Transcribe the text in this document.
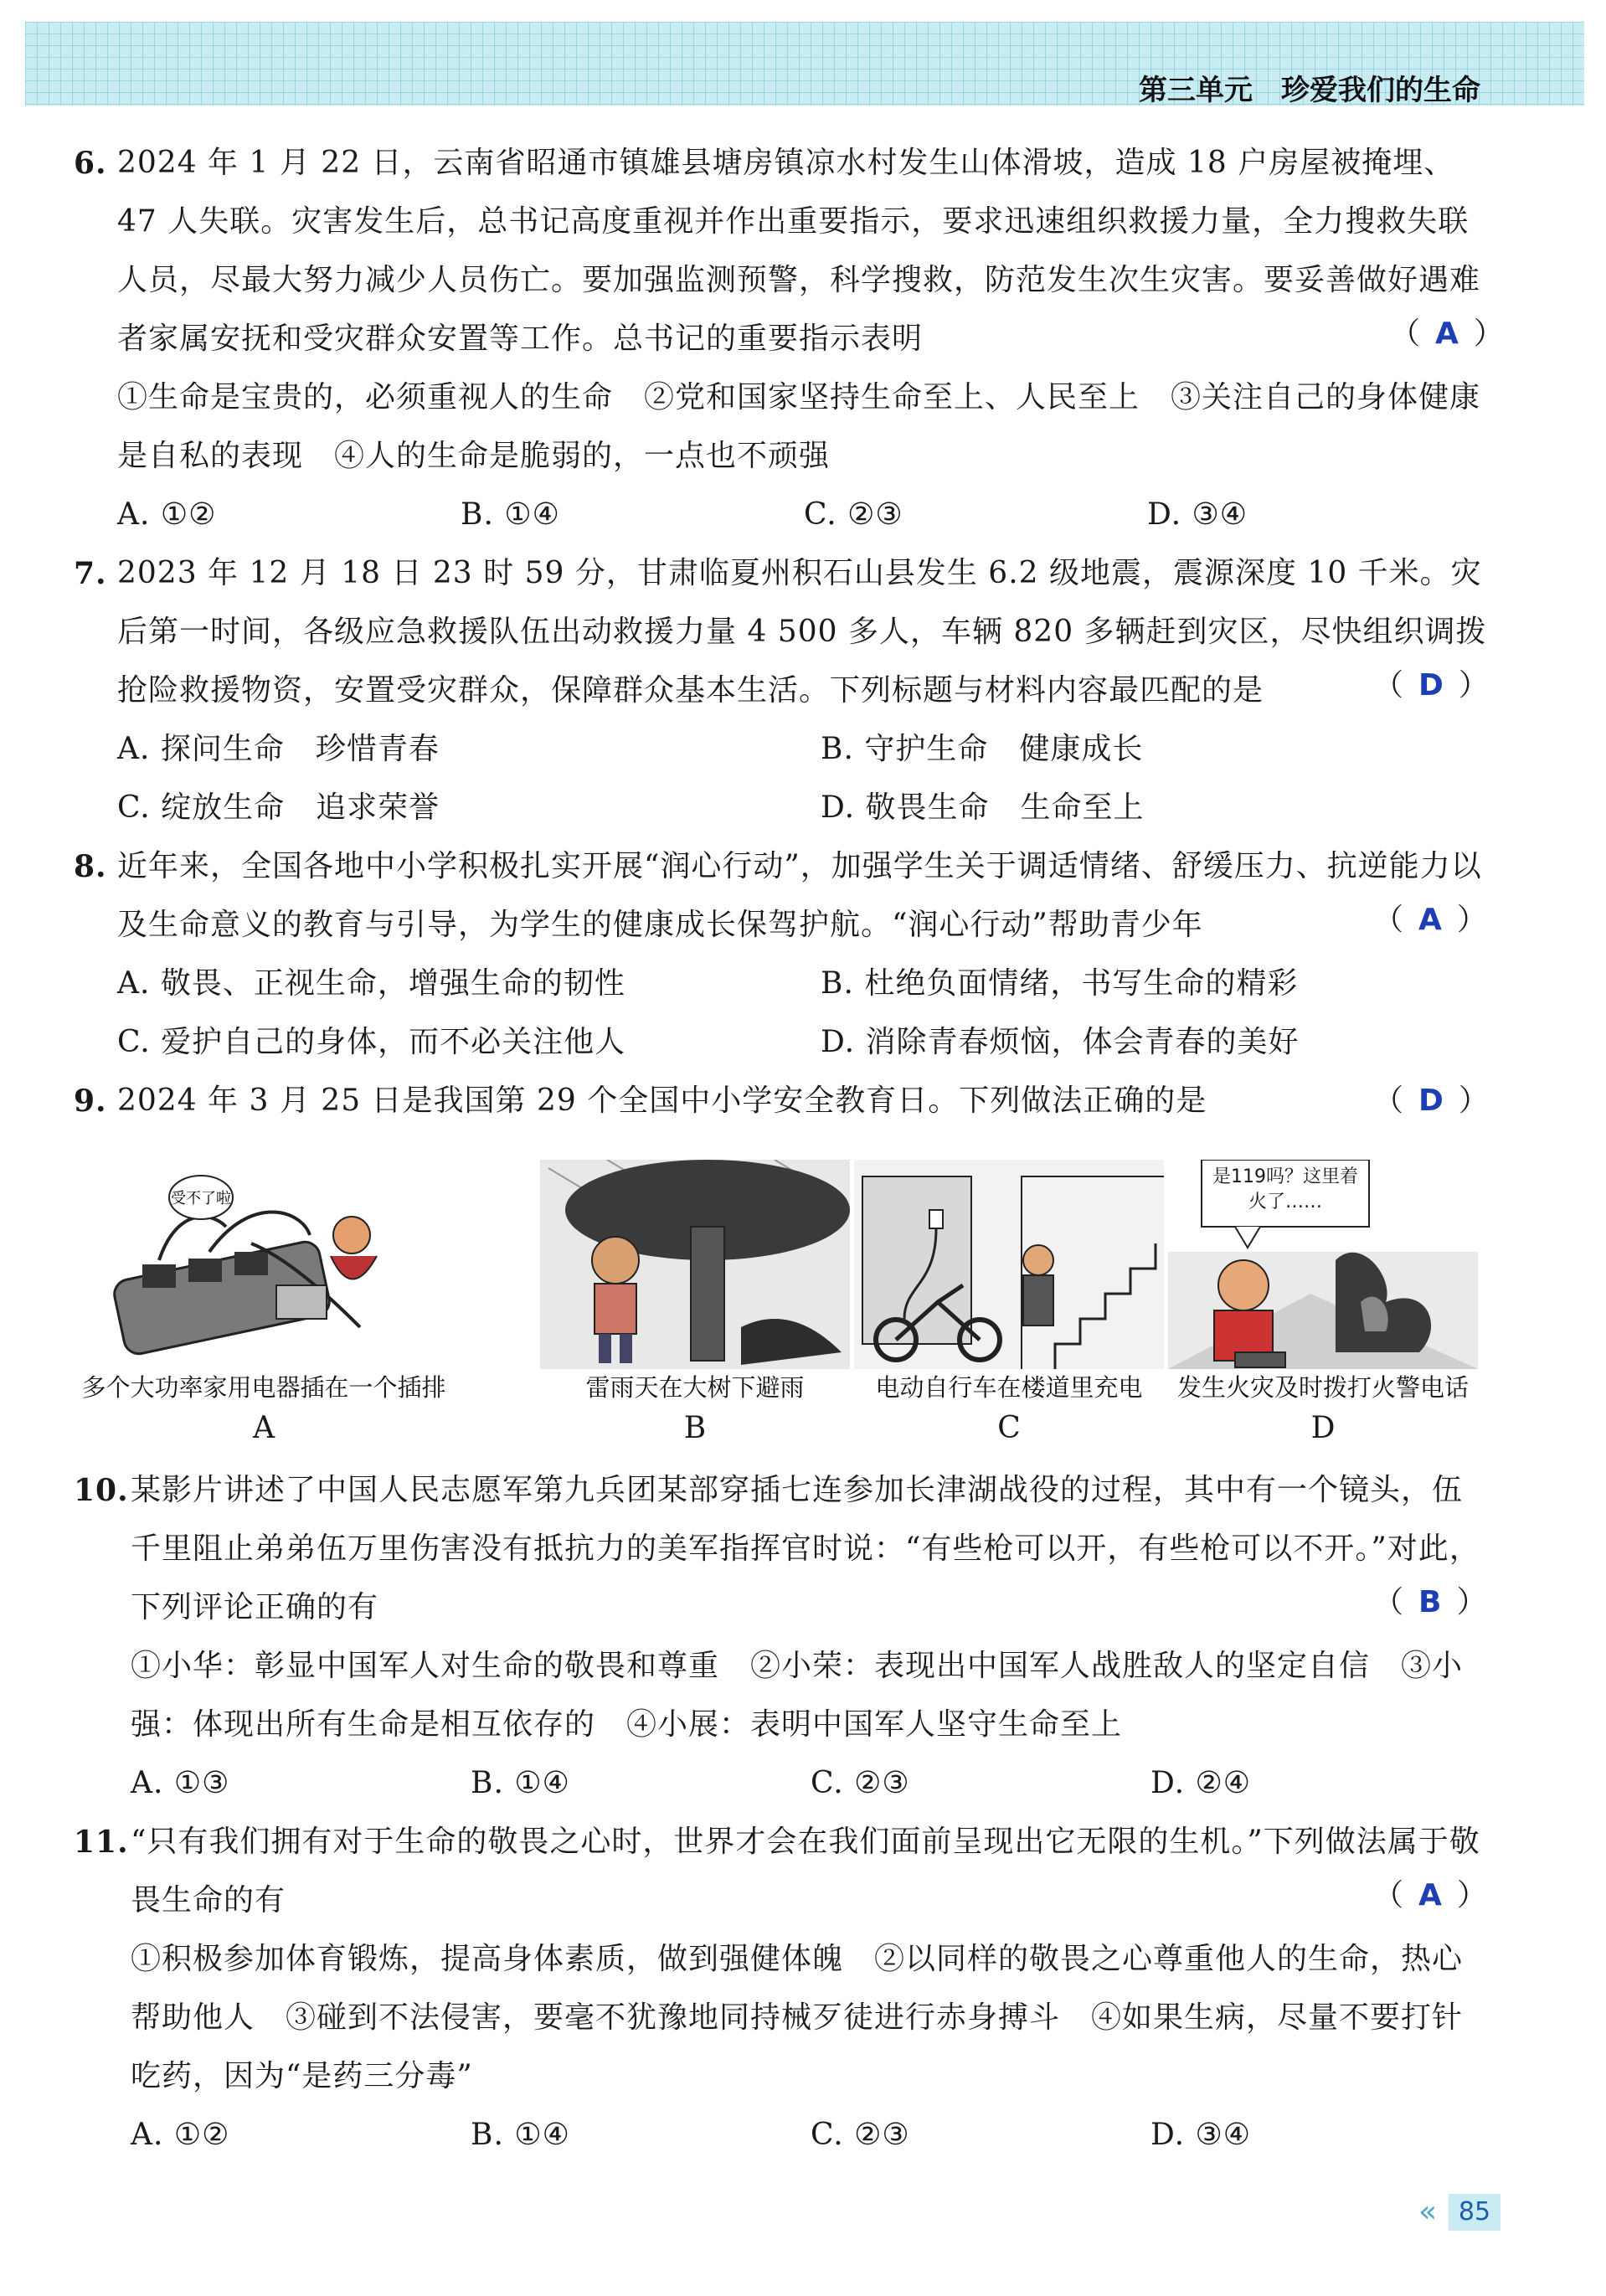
第三单元　珍爱我们的生命
6. 2024 年 1 月 22 日，云南省昭通市镇雄县塘房镇凉水村发生山体滑坡，造成 18 户房屋被掩埋、47 人失联。灾害发生后，总书记高度重视并作出重要指示，要求迅速组织救援力量，全力搜救失联人员，尽最大努力减少人员伤亡。要加强监测预警，科学搜救，防范发生次生灾害。要妥善做好遇难者家属安抚和受灾群众安置等工作。总书记的重要指示表明
①生命是宝贵的，必须重视人的生命　②党和国家坚持生命至上、人民至上　③关注自己的身体健康是自私的表现　④人的生命是脆弱的，一点也不顽强
A. ①②	B. ①④	C. ②③	D. ③④
（ A ）
7. 2023 年 12 月 18 日 23 时 59 分，甘肃临夏州积石山县发生 6.2 级地震，震源深度 10 千米。灾后第一时间，各级应急救援队伍出动救援力量 4 500 多人，车辆 820 多辆赶到灾区，尽快组织调拨抢险救援物资，安置受灾群众，保障群众基本生活。下列标题与材料内容最匹配的是
A. 探问生命　珍惜青春	B. 守护生命　健康成长
C. 绽放生命　追求荣誉	D. 敬畏生命　生命至上
（ D ）
8. 近年来，全国各地中小学积极扎实开展“润心行动”，加强学生关于调适情绪、舒缓压力、抗逆能力以及生命意义的教育与引导，为学生的健康成长保驾护航。“润心行动”帮助青少年
A. 敬畏、正视生命，增强生命的韧性	B. 杜绝负面情绪，书写生命的精彩
C. 爱护自己的身体，而不必关注他人	D. 消除青春烦恼，体会青春的美好
（ A ）
9. 2024 年 3 月 25 日是我国第 29 个全国中小学安全教育日。下列做法正确的是	（ D ）
受不了啦
多个大功率家用电器插在一个插排
A
雷雨天在大树下避雨
B
电动自行车在楼道里充电
C
是119吗？这里着火了……
发生火灾及时拨打火警电话
D
10. 某影片讲述了中国人民志愿军第九兵团某部穿插七连参加长津湖战役的过程，其中有一个镜头，伍千里阻止弟弟伍万里伤害没有抵抗力的美军指挥官时说：“有些枪可以开，有些枪可以不开。”对此，下列评论正确的有
①小华：彰显中国军人对生命的敬畏和尊重　②小荣：表现出中国军人战胜敌人的坚定自信　③小强：体现出所有生命是相互依存的　④小展：表明中国军人坚守生命至上
A. ①③	B. ①④	C. ②③	D. ②④
（ B ）
11. “只有我们拥有对于生命的敬畏之心时，世界才会在我们面前呈现出它无限的生机。”下列做法属于敬畏生命的有
①积极参加体育锻炼，提高身体素质，做到强健体魄　②以同样的敬畏之心尊重他人的生命，热心帮助他人　③碰到不法侵害，要毫不犹豫地同持械歹徒进行赤身搏斗　④如果生病，尽量不要打针吃药，因为“是药三分毒”
A. ①②	B. ①④	C. ②③	D. ③④
（ A ）
« 85
